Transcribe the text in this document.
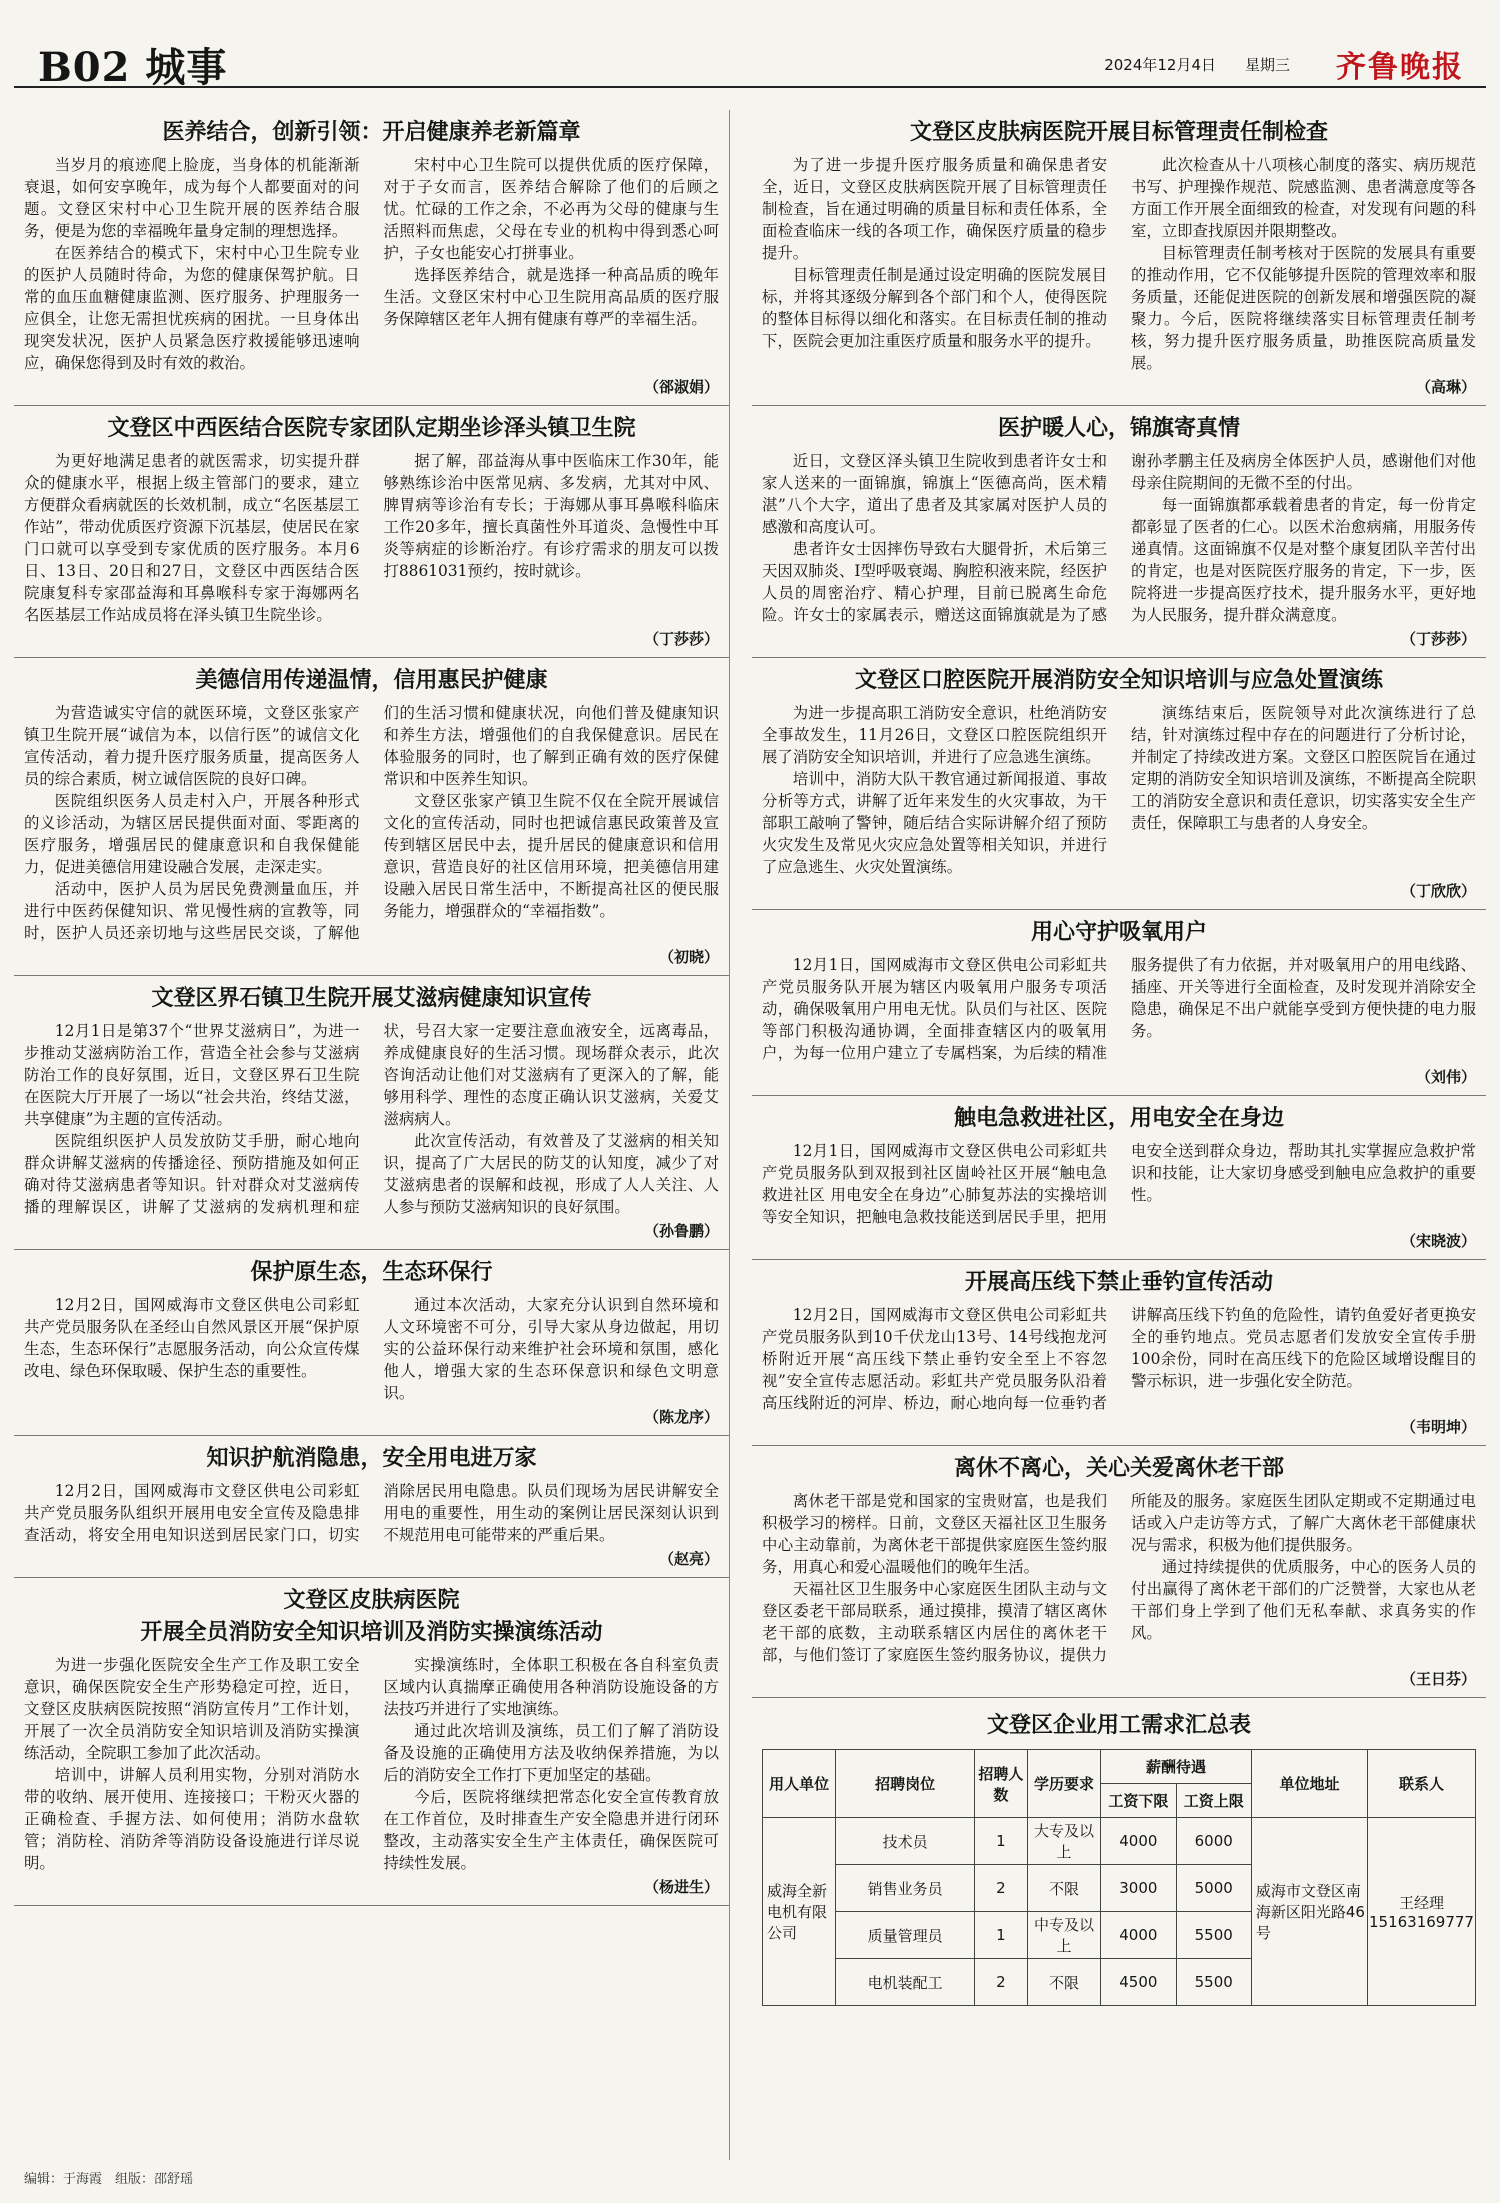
B02 城事	2024年12月4日 星期三 齐鲁晚报
医养结合，创新引领：开启健康养老新篇章

当岁月的痕迹爬上脸庞，当身体的机能渐渐衰退，如何安享晚年，成为每个人都要面对的问题。文登区宋村中心卫生院开展的医养结合服务，便是为您的幸福晚年量身定制的理想选择。

在医养结合的模式下，宋村中心卫生院专业的医护人员随时待命，为您的健康保驾护航。日常的血压血糖健康监测、医疗服务、护理服务一应俱全，让您无需担忧疾病的困扰。一旦身体出现突发状况，医护人员紧急医疗救援能够迅速响应，确保您得到及时有效的救治。

宋村中心卫生院可以提供优质的医疗保障，对于子女而言，医养结合解除了他们的后顾之忧。忙碌的工作之余，不必再为父母的健康与生活照料而焦虑，父母在专业的机构中得到悉心呵护，子女也能安心打拼事业。

选择医养结合，就是选择一种高品质的晚年生活。文登区宋村中心卫生院用高品质的医疗服务保障辖区老年人拥有健康有尊严的幸福生活。

（郤淑娟）
文登区中西医结合医院专家团队定期坐诊泽头镇卫生院

为更好地满足患者的就医需求，切实提升群众的健康水平，根据上级主管部门的要求，建立方便群众看病就医的长效机制，成立“名医基层工作站”，带动优质医疗资源下沉基层，使居民在家门口就可以享受到专家优质的医疗服务。本月6日、13日、20日和27日，文登区中西医结合医院康复科专家邵益海和耳鼻喉科专家于海娜两名名医基层工作站成员将在泽头镇卫生院坐诊。

据了解，邵益海从事中医临床工作30年，能够熟练诊治中医常见病、多发病，尤其对中风、脾胃病等诊治有专长；于海娜从事耳鼻喉科临床工作20多年，擅长真菌性外耳道炎、急慢性中耳炎等病症的诊断治疗。有诊疗需求的朋友可以拨打8861031预约，按时就诊。

（丁莎莎）
美德信用传递温情，信用惠民护健康

为营造诚实守信的就医环境，文登区张家产镇卫生院开展“诚信为本，以信行医”的诚信文化宣传活动，着力提升医疗服务质量，提高医务人员的综合素质，树立诚信医院的良好口碑。

医院组织医务人员走村入户，开展各种形式的义诊活动，为辖区居民提供面对面、零距离的医疗服务，增强居民的健康意识和自我保健能力，促进美德信用建设融合发展，走深走实。

活动中，医护人员为居民免费测量血压，并进行中医药保健知识、常见慢性病的宣教等，同时，医护人员还亲切地与这些居民交谈，了解他们的生活习惯和健康状况，向他们普及健康知识和养生方法，增强他们的自我保健意识。居民在体验服务的同时，也了解到正确有效的医疗保健常识和中医养生知识。

文登区张家产镇卫生院不仅在全院开展诚信文化的宣传活动，同时也把诚信惠民政策普及宣传到辖区居民中去，提升居民的健康意识和信用意识，营造良好的社区信用环境，把美德信用建设融入居民日常生活中，不断提高社区的便民服务能力，增强群众的“幸福指数”。

（初晓）
文登区界石镇卫生院开展艾滋病健康知识宣传

12月1日是第37个“世界艾滋病日”，为进一步推动艾滋病防治工作，营造全社会参与艾滋病防治工作的良好氛围，近日，文登区界石卫生院在医院大厅开展了一场以“社会共治，终结艾滋，共享健康”为主题的宣传活动。

医院组织医护人员发放防艾手册，耐心地向群众讲解艾滋病的传播途径、预防措施及如何正确对待艾滋病患者等知识。针对群众对艾滋病传播的理解误区，讲解了艾滋病的发病机理和症状，号召大家一定要注意血液安全，远离毒品，养成健康良好的生活习惯。现场群众表示，此次咨询活动让他们对艾滋病有了更深入的了解，能够用科学、理性的态度正确认识艾滋病，关爱艾滋病病人。

此次宣传活动，有效普及了艾滋病的相关知识，提高了广大居民的防艾的认知度，减少了对艾滋病患者的误解和歧视，形成了人人关注、人人参与预防艾滋病知识的良好氛围。

（孙鲁鹏）
保护原生态，生态环保行

12月2日，国网威海市文登区供电公司彩虹共产党员服务队在圣经山自然风景区开展“保护原生态，生态环保行”志愿服务活动，向公众宣传煤改电、绿色环保取暖、保护生态的重要性。

通过本次活动，大家充分认识到自然环境和人文环境密不可分，引导大家从身边做起，用切实的公益环保行动来维护社会环境和氛围，感化他人，增强大家的生态环保意识和绿色文明意识。

（陈龙序）
知识护航消隐患，安全用电进万家

12月2日，国网威海市文登区供电公司彩虹共产党员服务队组织开展用电安全宣传及隐患排查活动，将安全用电知识送到居民家门口，切实消除居民用电隐患。队员们现场为居民讲解安全用电的重要性，用生动的案例让居民深刻认识到不规范用电可能带来的严重后果。

（赵亮）
文登区皮肤病医院
开展全员消防安全知识培训及消防实操演练活动

为进一步强化医院安全生产工作及职工安全意识，确保医院安全生产形势稳定可控，近日，文登区皮肤病医院按照“消防宣传月”工作计划，开展了一次全员消防安全知识培训及消防实操演练活动，全院职工参加了此次活动。

培训中，讲解人员利用实物，分别对消防水带的收纳、展开使用、连接接口；干粉灭火器的正确检查、手握方法、如何使用；消防水盘软管；消防栓、消防斧等消防设备设施进行详尽说明。

实操演练时，全体职工积极在各自科室负责区域内认真揣摩正确使用各种消防设施设备的方法技巧并进行了实地演练。

通过此次培训及演练，员工们了解了消防设备及设施的正确使用方法及收纳保养措施，为以后的消防安全工作打下更加坚定的基础。

今后，医院将继续把常态化安全宣传教育放在工作首位，及时排查生产安全隐患并进行闭环整改，主动落实安全生产主体责任，确保医院可持续性发展。

（杨进生）
文登区皮肤病医院开展目标管理责任制检查

为了进一步提升医疗服务质量和确保患者安全，近日，文登区皮肤病医院开展了目标管理责任制检查，旨在通过明确的质量目标和责任体系，全面检查临床一线的各项工作，确保医疗质量的稳步提升。

目标管理责任制是通过设定明确的医院发展目标，并将其逐级分解到各个部门和个人，使得医院的整体目标得以细化和落实。在目标责任制的推动下，医院会更加注重医疗质量和服务水平的提升。

此次检查从十八项核心制度的落实、病历规范书写、护理操作规范、院感监测、患者满意度等各方面工作开展全面细致的检查，对发现有问题的科室，立即查找原因并限期整改。

目标管理责任制考核对于医院的发展具有重要的推动作用，它不仅能够提升医院的管理效率和服务质量，还能促进医院的创新发展和增强医院的凝聚力。今后，医院将继续落实目标管理责任制考核，努力提升医疗服务质量，助推医院高质量发展。

（高琳）
医护暖人心，锦旗寄真情

近日，文登区泽头镇卫生院收到患者许女士和家人送来的一面锦旗，锦旗上“医德高尚，医术精湛”八个大字，道出了患者及其家属对医护人员的感激和高度认可。

患者许女士因摔伤导致右大腿骨折，术后第三天因双肺炎、I型呼吸衰竭、胸腔积液来院，经医护人员的周密治疗、精心护理，目前已脱离生命危险。许女士的家属表示，赠送这面锦旗就是为了感谢孙孝鹏主任及病房全体医护人员，感谢他们对他母亲住院期间的无微不至的付出。

每一面锦旗都承载着患者的肯定，每一份肯定都彰显了医者的仁心。以医术治愈病痛，用服务传递真情。这面锦旗不仅是对整个康复团队辛苦付出的肯定，也是对医院医疗服务的肯定，下一步，医院将进一步提高医疗技术，提升服务水平，更好地为人民服务，提升群众满意度。

（丁莎莎）
文登区口腔医院开展消防安全知识培训与应急处置演练

为进一步提高职工消防安全意识，杜绝消防安全事故发生，11月26日，文登区口腔医院组织开展了消防安全知识培训，并进行了应急逃生演练。

培训中，消防大队干教官通过新闻报道、事故分析等方式，讲解了近年来发生的火灾事故，为干部职工敲响了警钟，随后结合实际讲解介绍了预防火灾发生及常见火灾应急处置等相关知识，并进行了应急逃生、火灾处置演练。

演练结束后，医院领导对此次演练进行了总结，针对演练过程中存在的问题进行了分析讨论，并制定了持续改进方案。文登区口腔医院旨在通过定期的消防安全知识培训及演练，不断提高全院职工的消防安全意识和责任意识，切实落实安全生产责任，保障职工与患者的人身安全。

（丁欣欣）
用心守护吸氧用户

12月1日，国网威海市文登区供电公司彩虹共产党员服务队开展为辖区内吸氧用户服务专项活动，确保吸氧用户用电无忧。队员们与社区、医院等部门积极沟通协调，全面排查辖区内的吸氧用户，为每一位用户建立了专属档案，为后续的精准服务提供了有力依据，并对吸氧用户的用电线路、插座、开关等进行全面检查，及时发现并消除安全隐患，确保足不出户就能享受到方便快捷的电力服务。

（刘伟）
触电急救进社区，用电安全在身边

12月1日，国网威海市文登区供电公司彩虹共产党员服务队到双报到社区崮岭社区开展“触电急救进社区 用电安全在身边”心肺复苏法的实操培训等安全知识，把触电急救技能送到居民手里，把用电安全送到群众身边，帮助其扎实掌握应急救护常识和技能，让大家切身感受到触电应急救护的重要性。

（宋晓波）
开展高压线下禁止垂钓宣传活动

12月2日，国网威海市文登区供电公司彩虹共产党员服务队到10千伏龙山13号、14号线抱龙河桥附近开展“高压线下禁止垂钓安全至上不容忽视”安全宣传志愿活动。彩虹共产党员服务队沿着高压线附近的河岸、桥边，耐心地向每一位垂钓者讲解高压线下钓鱼的危险性，请钓鱼爱好者更换安全的垂钓地点。党员志愿者们发放安全宣传手册100余份，同时在高压线下的危险区域增设醒目的警示标识，进一步强化安全防范。

（韦明坤）
离休不离心，关心关爱离休老干部

离休老干部是党和国家的宝贵财富，也是我们积极学习的榜样。日前，文登区天福社区卫生服务中心主动靠前，为离休老干部提供家庭医生签约服务，用真心和爱心温暖他们的晚年生活。

天福社区卫生服务中心家庭医生团队主动与文登区委老干部局联系，通过摸排，摸清了辖区离休老干部的底数，主动联系辖区内居住的离休老干部，与他们签订了家庭医生签约服务协议，提供力所能及的服务。家庭医生团队定期或不定期通过电话或入户走访等方式，了解广大离休老干部健康状况与需求，积极为他们提供服务。

通过持续提供的优质服务，中心的医务人员的付出赢得了离休老干部们的广泛赞誉，大家也从老干部们身上学到了他们无私奉献、求真务实的作风。

（王日芬）
文登区企业用工需求汇总表
用人单位	招聘岗位	招聘人数	学历要求	薪酬待遇		单位地址	联系人
				工资下限	工资上限		
威海全新电机有限公司	技术员	1	大专及以上	4000	6000	威海市文登区南海新区阳光路46号	王经理 15163169777
	销售业务员	2	不限	3000	5000		
	质量管理员	1	中专及以上	4000	5500		
	电机装配工	2	不限	4500	5500		
编辑：于海霞　组版：邵舒瑶
